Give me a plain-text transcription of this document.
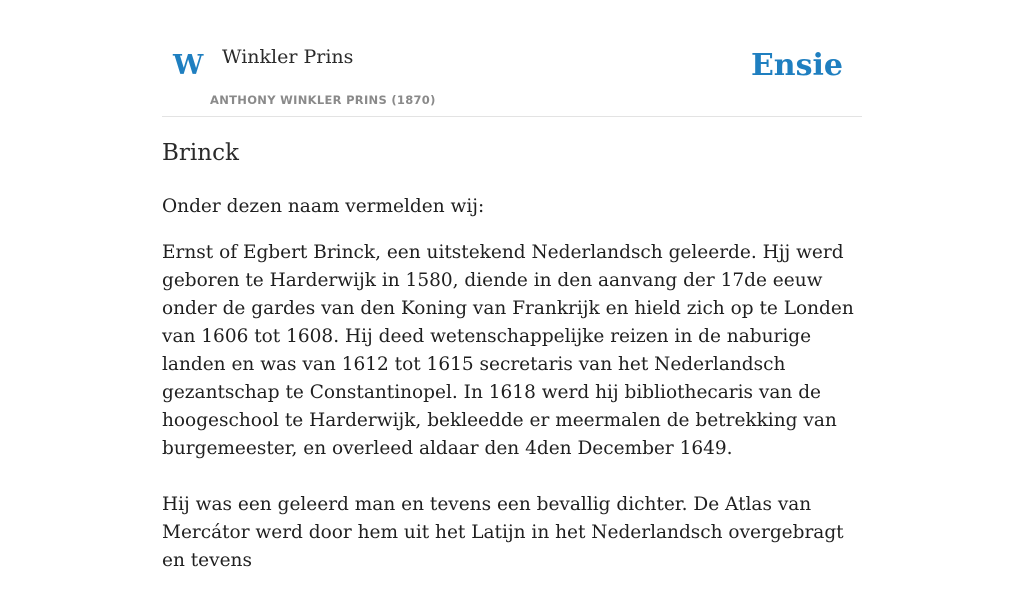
W Winkler Prins
ANTHONY WINKLER PRINS (1870)
Ensie
Brinck

Onder dezen naam vermelden wij:

Ernst of Egbert Brinck, een uitstekend Nederlandsch geleerde. Hjj werd geboren te Harderwijk in 1580, diende in den aanvang der 17de eeuw onder de gardes van den Koning van Frankrijk en hield zich op te Londen van 1606 tot 1608. Hij deed wetenschappelijke reizen in de naburige landen en was van 1612 tot 1615 secretaris van het Nederlandsch gezantschap te Constantinopel. In 1618 werd hij bibliothecaris van de hoogeschool te Harderwijk, bekleedde er meermalen de betrekking van burgemeester, en overleed aldaar den 4den December 1649.

Hij was een geleerd man en tevens een bevallig dichter. De Atlas van Mercátor werd door hem uit het Latijn in het Nederlandsch overgebragt en tevens
